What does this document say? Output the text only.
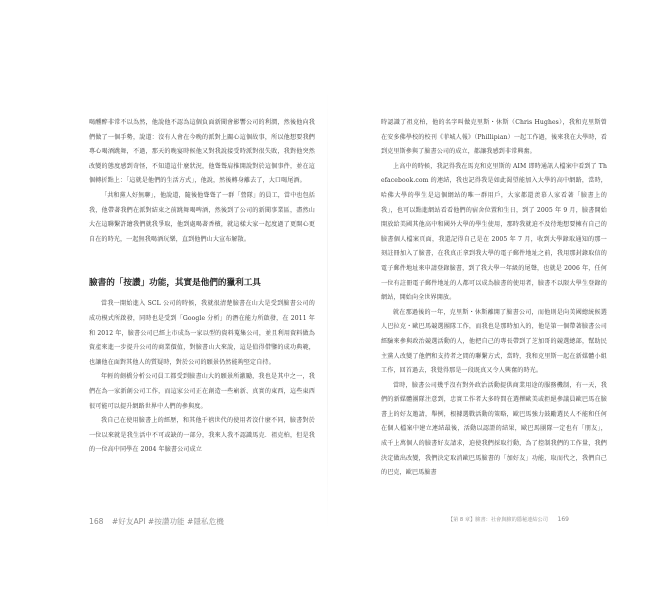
喝醺醉非常不以為然，他說他不認為這個負面新聞會影響公司的利潤，然後他向我們做了一個手勢，說道：沒有人會在今晚的派對上關心這個故事，所以他想要我們專心喝酒跳舞，不過，那天的晚宴時候他又對我說接受時派對很失敗，我對他突然改變的態度感到奇怪，不知道這什麼狀況，他聳聳肩推開說對於這個事件，並在這個轉折點上：「這就是他們的生活方式」，他說，然後轉身離去了，大口喝尾酒。

「共和黨人好無聊」，他說道，隨後他聳聳了一群「營隊」的員工，當中也包括我，他帶著我們在派對結束之前跳舞喝啤酒，然後到了公司的新聞事業區，盡然山大在這聯繫許繪我們就我爭取，他到處喝著香檳，就這樣大家一起度過了更開心更自在的時光，一起無我喝酒玩樂，直到他們山大宣布解散。

臉書的「按讚」功能，其實是他們的獵利工具

當我一開始進入 SCL 公司的時候，我就很清楚臉書在山大是受到臉書公司的成功模式所啟發，同時也是受到「Google 分析」的潛在能力所啟發，在 2011 年和 2012 年，臉書公司已經上市成為一家以型的資料蒐集公司，並且利用資料做為資產來進一步提升公司的商業價值，對臉書山大來說，這是值得借鑒的成功典範，也讓他在面對其他人的質疑時，對於公司的願景仍然能夠堅定自持。

年輕的劍橋分析公司員工都受到臉書山大的願景所激勵，我也是其中之一，我們在為一家新創公司工作，而這家公司正在創造一些嶄新、真實的東西，這些東西很可能可以提升網路世界中人們的參與度。

我自己在使用臉書上的經歷，和其他千禧世代的使用者沒什麼不同，臉書對於一位以來就是我生活中不可或缺的一部分，我來人我不認識馬克．祖克柏，但是我的一位高中同學在 2004 年臉書公司成立

時認識了祖克柏，他的名字叫做克里斯・休斯（Chris Hughes），我和克里斯曾在安多佛學校的校刊《菲城人報》（Phillipian）一起工作過，後來我在大學時，看到克里斯參與了臉書公司的成立，都讓我感到非常興奮。

上高中的時候，我記得我在馬克和克里斯的 AIM 即時通訊人檔案中看到了 Thefacebook.com 的連結，我也記得我是如此渴望能加入大學的高中網路，當時，哈佛大學的學生是這個網站的唯一群用戶，大家都還羨慕人家看著「臉書上的我」，也可以點進網站看看他們的宿舍位置和生日，到了 2005 年 9 月，臉書開始開放給美國其他高中和國外大學的學生使用，那時我就迫不及待地想要擁有自己的臉書個人檔案頁面，我還記得自己是在 2005 年 7 月，收到大學錄取通知的那一刻註冊加入了臉書，在我真正拿到我大學的電子郵件地址之前，我用那封錄取信的電子郵件地址來申請登錄臉書，到了我大學一年級的尾聲，也就是 2006 年，任何一位有註冊電子郵件地址的人都可以成為臉書的使用者，臉書不以限大學生登錄的網站，開始向全世界開放。

就在那過後的一年，克里斯・休斯離開了臉書公司，而他則是向美國總統候選人巴拉克・歐巴馬競選團隊工作，而我也是那時加入的，他是第一個帶著臉書公司經驗來參與政治競選活動的人，他把自己的專長帶到了芝加哥的競選總部，幫助民主黨人改變了他們和支持者之間的聯繫方式，當時，我和克里斯一起在新媒體小組工作，回首過去，我覺得那是一段既真又令人興奮的時光。

當時，臉書公司幾乎沒有對外政治活動提供商業用途的服務機制，有一天，我們的新媒體團隊注意到，忠實工作者大多時間在選擇歐美或拒絕參議員歐巴馬在臉書上的好友邀請，舉例，根據選戰活動的策略，歐巴馬強力鼓勵選民人不能和任何在個人檔案中建立連結最後，活動以認證的結果，歐巴馬團隊一定也有「朋友」，成千上萬個人的臉書好友請求，迫使我們採取行動，為了控制我們的工作量，我們決定做出改變，我們決定取消歐巴馬臉書的「加好友」功能，取而代之，我們自己的巴克，歐巴馬臉書

168 #好友API #按讚功能 #隱私危機	【第 8 章】臉書：社會與臉的隱秘連結公司 169
